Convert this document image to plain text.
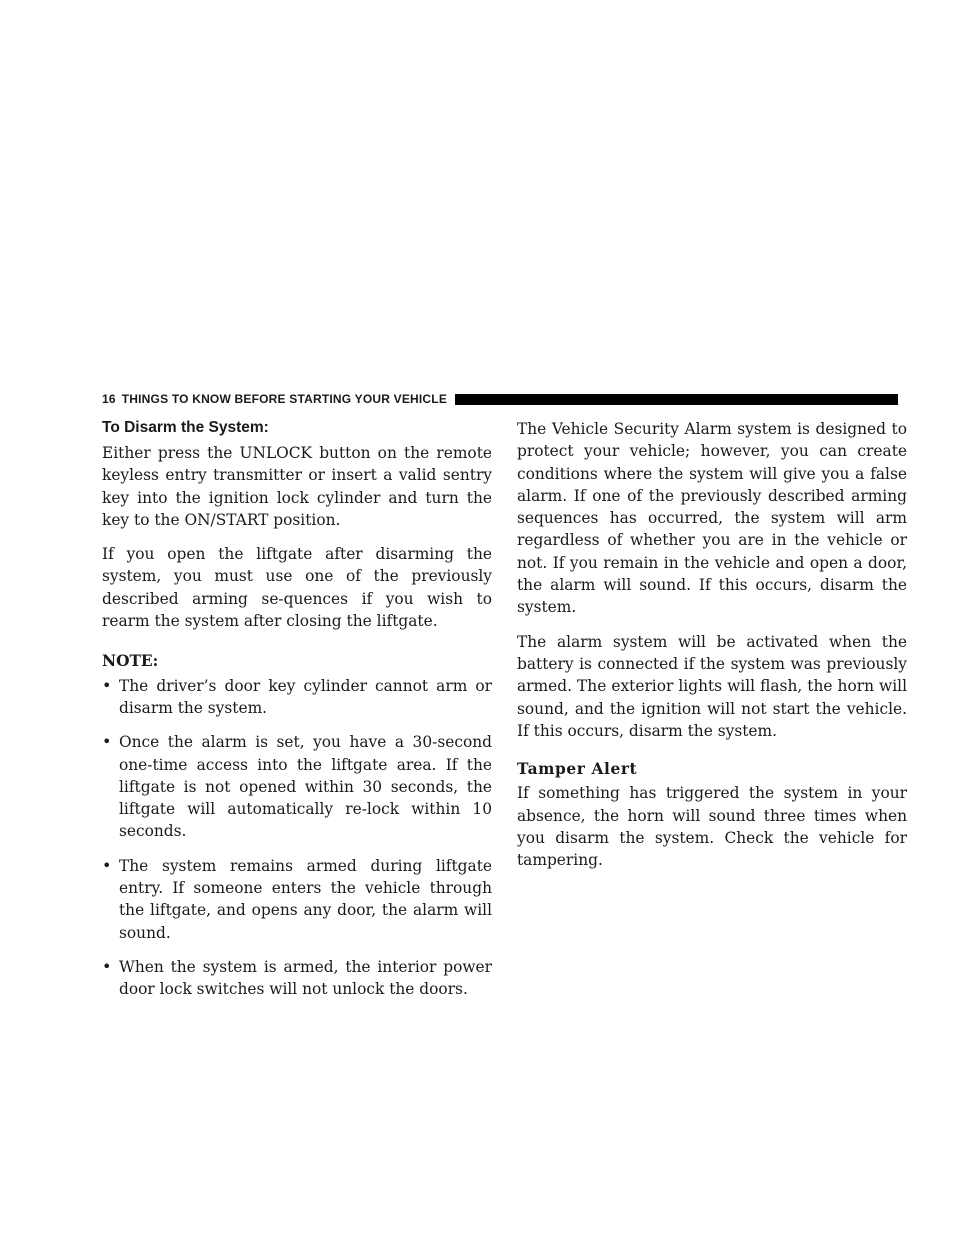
16 THINGS TO KNOW BEFORE STARTING YOUR VEHICLE
To Disarm the System:

Either press the UNLOCK button on the remote keyless entry transmitter or insert a valid sentry key into the ignition lock cylinder and turn the key to the ON/START position.

If you open the liftgate after disarming the system, you must use one of the previously described arming se-quences if you wish to rearm the system after closing the liftgate.

NOTE:
• The driver’s door key cylinder cannot arm or disarm the system.
• Once the alarm is set, you have a 30-second one-time access into the liftgate area. If the liftgate is not opened within 30 seconds, the liftgate will automatically re-lock within 10 seconds.
• The system remains armed during liftgate entry. If someone enters the vehicle through the liftgate, and opens any door, the alarm will sound.
• When the system is armed, the interior power door lock switches will not unlock the doors.

The Vehicle Security Alarm system is designed to protect your vehicle; however, you can create conditions where the system will give you a false alarm. If one of the previously described arming sequences has occurred, the system will arm regardless of whether you are in the vehicle or not. If you remain in the vehicle and open a door, the alarm will sound. If this occurs, disarm the system.

The alarm system will be activated when the battery is connected if the system was previously armed. The exterior lights will flash, the horn will sound, and the ignition will not start the vehicle. If this occurs, disarm the system.

Tamper Alert

If something has triggered the system in your absence, the horn will sound three times when you disarm the system. Check the vehicle for tampering.
